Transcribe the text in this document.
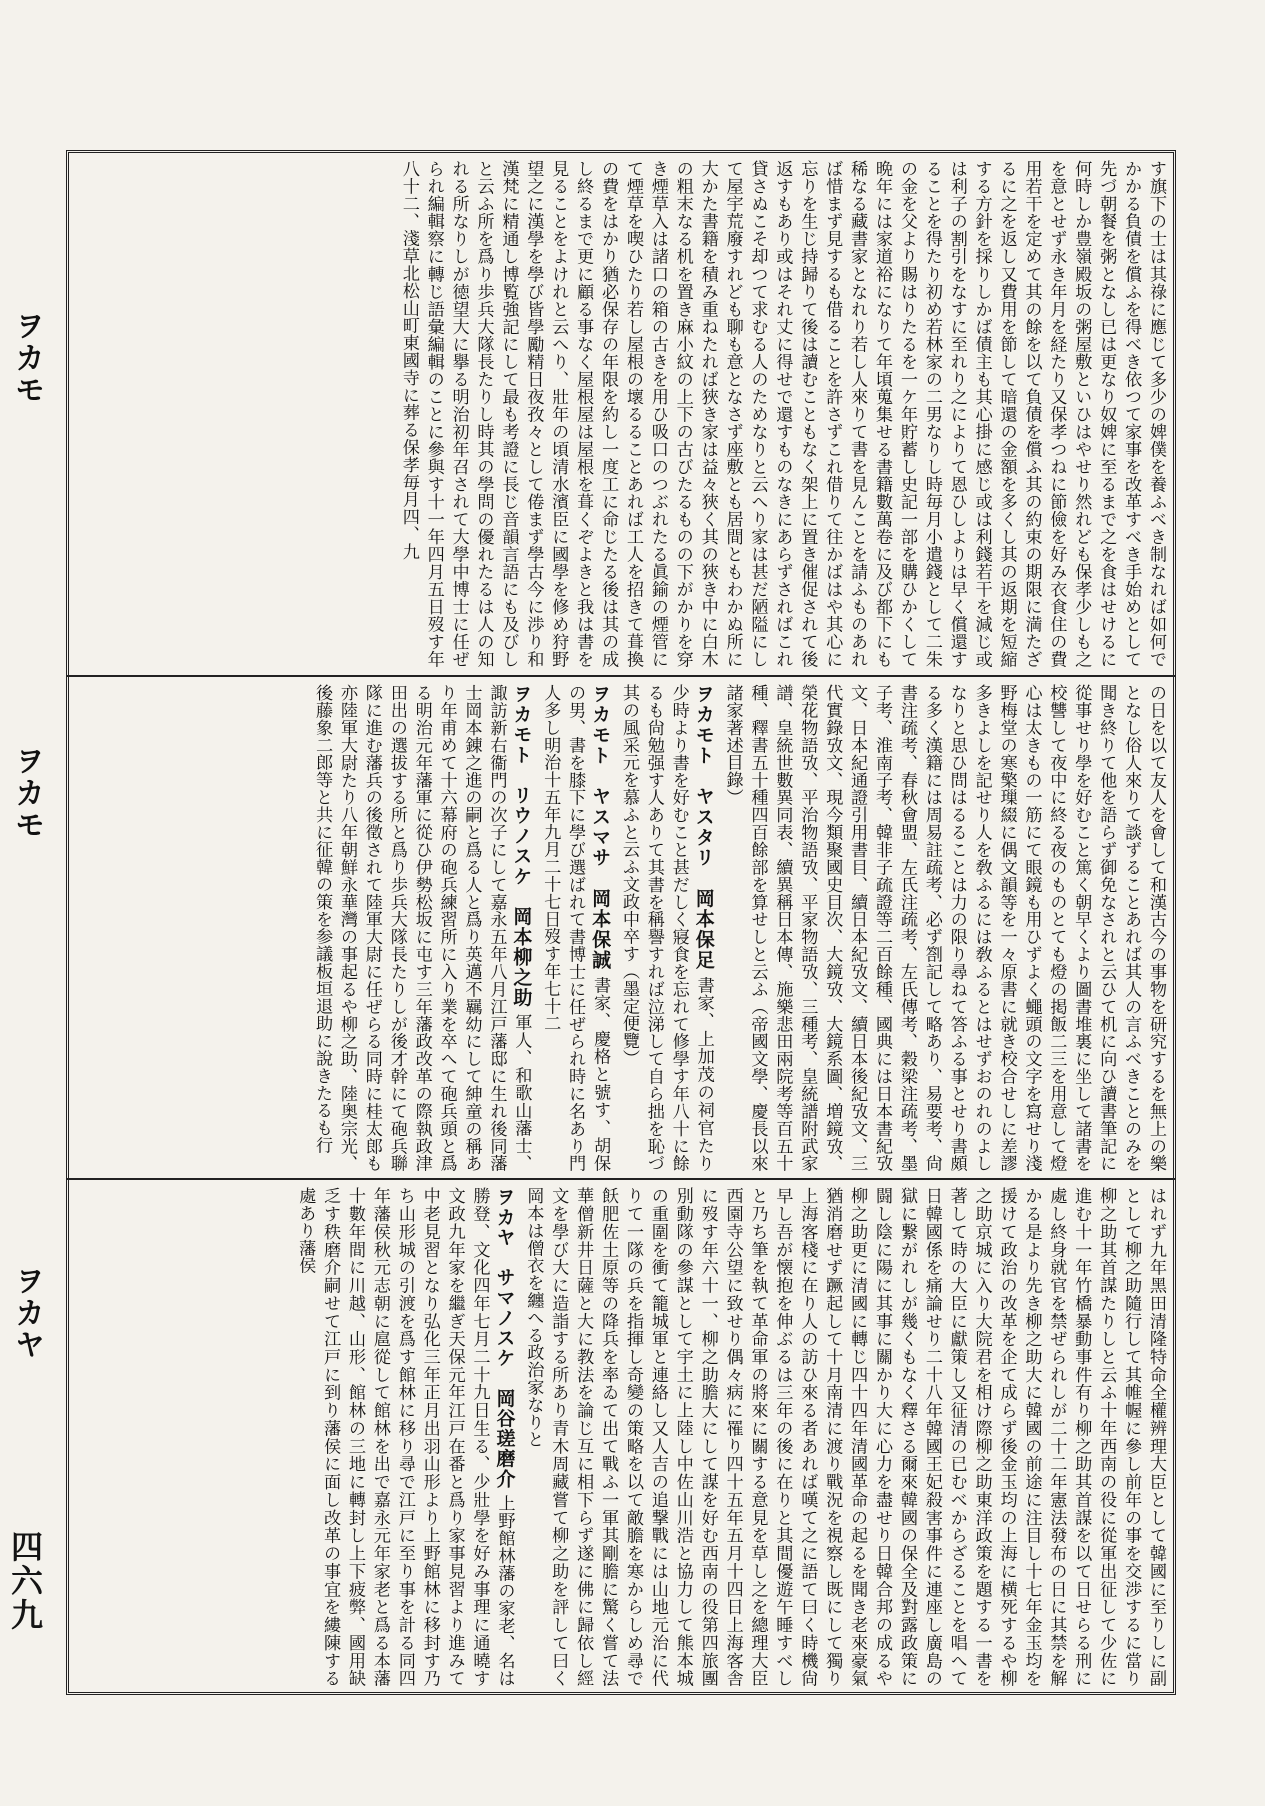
ヲカモ
ヲカモ
ヲカヤ
四六九

す旗下の士は其祿に應じて多少の婢僕を養ふべき制なれば如何でかかる負債を償ふを得べき依つて家事を改革すべき手始めとして先づ朝餐を粥となし已は更なり奴婢に至るまで之を食はせけるに何時しか豊嶺殿坂の粥屋敷といひはやせり然れども保孝少しも之を意とせず永き年月を経たり又保孝つねに節儉を好み衣食住の費用若干を定めて其の餘を以て負債を償ふ其の約束の期限に満たざるに之を返し又費用を節して暗還の金額を多くし其の返期を短縮する方針を採りしかば債主も其心掛に感じ或は利錢若干を減じ或は利子の割引をなすに至れり之によりて恩ひしよりは早く償還することを得たり初め若林家の二男なりし時毎月小遣錢として二朱の金を父より賜はりたるを一ケ年貯蓄し史記一部を購ひかくして晩年には家道裕になりて年頃蒐集せる書籍數萬卷に及び都下にも稀なる藏書家となれり若し人來りて書を見んことを請ふものあれば惜まず見するも借ることを許さずこれ借りて往かばはや其心に忘りを生じ持歸りて後は讀むこともなく架上に置き催促されて後返すもあり或はそれ丈に得せで還すものなきにあらずさればこれ貸さぬこそ却つて求むる人のためなりと云へり家は甚だ陋隘にして屋宇荒廢すれども聊も意となさず座敷とも居間ともわかぬ所に大かた書籍を積み重ねたれば狹き家は益々狹く其の狹き中に白木の粗末なる机を置き麻小紋の上下の古びたるものの下がかりを穿き煙草入は諸口の箱の古きを用ひ吸口のつぶれたる眞鍮の煙管にて煙草を喫ひたり若し屋根の壞るることあれば工人を招きて葺換の費をはかり猶必保存の年限を約し一度工に命じたる後は其の成し終るまで更に顧る事なく屋根屋は屋根を葺くぞよきと我は書を見ることをよけれと云へり、壯年の頃清水濱臣に國學を修め狩野望之に漢學を學び皆學勵精日夜孜々として倦まず學古今に渉り和漢梵に精通し博覧強記にして最も考證に長じ音韻言語にも及びしと云ふ所を爲り歩兵大隊長たりし時其の學問の優れたるは人の知れる所なりしが徳望大に擧る明治初年召されて大學中博士に任ぜられ編輯察に轉じ語彙編輯のことに參與す十一年四月五日歿す年八十二、淺草北松山町東國寺に葬る保孝毎月四、九

の日を以て友人を會して和漢古今の事物を研究するを無上の樂となし俗人來りて談ずることあれば其人の言ふべきことのみを聞き終りて他を語らず御免なされと云ひて机に向ひ讀書筆記に從事せり學を好むこと篤く朝早くより圖書堆裏に坐して諸書を校讐して夜中に終る夜のものとても燈の掲飯二三を用意して燈心は太きもの一筋にて眼鏡も用ひずよく蠅頭の文字を寫せり淺野梅堂の寒檠璅綴に偶文韻等を一々原書に就き校合せしに差謬多きよしを記せり人を敎ふるには敎ふるとはせずおのれのよしなりと思ひ問はるることは力の限り尋ねて答ふる事とせり書頗る多く漢籍には周易註疏考、必ず劄記して略あり、易要考、尙書注疏考、春秋會盟、左氏注疏考、左氏傳考、穀梁注疏考、墨子考、淮南子考、韓非子疏證等二百餘種、國典には日本書紀攷文、日本紀通證引用書目、續日本紀攷文、續日本後紀攷文、三代實錄攷文、現今類聚國史目次、大鏡攷、大鏡系圖、増鏡攷、榮花物語攷、平治物語攷、平家物語攷、三種考、皇統譜附武家譜、皇統世數異同表、續異稱日本傳、施樂悲田兩院考等百五十種、釋書五十種四百餘部を算せしと云ふ（帝國文學、慶長以來諸家著述目錄）

ヲカモト　ヤスタリ　岡本保足 書家、上加茂の祠官たり少時より書を好むこと甚だしく寢食を忘れて修學す年八十に餘るも尙勉强す人ありて其書を稱譽すれば泣涕して自ら拙を恥づ其の風采元を慕ふと云ふ文政中卒す（墨定便覽）

ヲカモト　ヤスマサ　岡本保誠 書家、慶格と號す、胡保の男、書を膝下に學び選ばれて書博士に任ぜられ時に名あり門人多し明治十五年九月二十七日歿す年七十二

ヲカモト　リウノスケ　岡本柳之助 軍人、和歌山藩士、諏訪新右衞門の次子にして嘉永五年八月江戸藩邸に生れ後同藩士岡本錬之進の嗣と爲る人と爲り英邁不羈幼にして紳童の稱あり年甫めて十六幕府の砲兵練習所に入り業を卒へて砲兵頭と爲る明治元年藩軍に從ひ伊勢松坂に屯す三年藩政改革の際執政津田出の選拔する所と爲り歩兵大隊長たりしが後才幹にて砲兵聯隊に進む藩兵の後徵されて陸軍大尉に任ぜらる同時に桂太郎も亦陸軍大尉たり八年朝鮮永華灣の事起るや柳之助、陸奥宗光、後藤象二郎等と共に征韓の策を参議板垣退助に說きたるも行

はれず九年黑田清隆特命全權辨理大臣として韓國に至りしに副として柳之助隨行して其帷幄に參し前年の事を交渉するに當り柳之助其首謀たりしと云ふ十年西南の役に從軍出征して少佐に進む十一年竹橋暴動事件有り柳之助其首謀を以て日せらる刑に處し終身就官を禁ぜられしが二十二年憲法發布の日に其禁を解かる是より先き柳之助大に韓國の前途に注目し十七年金玉均を援けて政治の改革を企て成らず後金玉均の上海に横死するや柳之助京城に入り大院君を相け際柳之助東洋政策を題する一書を著して時の大臣に獻策し又征清の已むべからざることを唱へて日韓國係を痛論せり二十八年韓國王妃殺害事件に連座し廣島の獄に繋がれしが幾くもなく釋さる爾來韓國の保全及對露政策に闘し陰に陽に其事に關かり大に心力を盡せり日韓合邦の成るや柳之助更に清國に轉じ四十四年清國革命の起るを聞き老來豪氣猶消磨せず蹶起して十月南清に渡り戰況を視察し既にして獨り上海客棧に在り人の訪ひ來る者あれば嘆て之に語て曰く時機尙早し吾が懐抱を伸ぶるは三年の後に在りと其間優遊午睡すべしと乃ち筆を執て革命軍の將來に關する意見を草し之を總理大臣西園寺公望に致せり偶々病に罹り四十五年五月十四日上海客舎に歿す年六十一、柳之助膽大にして謀を好む西南の役第四旅團別動隊の參謀として宇土に上陸し中佐山川浩と協力して熊本城の重圍を衝て籠城軍と連絡し又人吉の追撃戰には山地元治に代りて一隊の兵を指揮し奇變の策略を以て敵膽を寒からしめ尋で飫肥佐土原等の降兵を率ゐて出て戰ふ一軍其剛膽に驚く嘗て法華僧新井日薩と大に教法を論じ互に相下らず遂に佛に歸依し經文を學び大に造詣する所あり青木周藏嘗て柳之助を評して曰く岡本は僧衣を纏へる政治家なりと

ヲカヤ　サマノスケ　岡谷瑳磨介 上野館林藩の家老、名は勝登、文化四年七月二十九日生る、少壯學を好み事理に通曉す文政九年家を繼ぎ天保元年江戸在番と爲り家事見習より進みて中老見習となり弘化三年正月出羽山形より上野館林に移封す乃ち山形城の引渡を爲す館林に移り尋で江戸に至り事を計る同四年藩侯秋元志朝に扈從して館林を出で嘉永元年家老と爲る本藩十數年間に川越、山形、館林の三地に轉封し上下疲弊、國用缺乏す秩磨介嗣せて江戸に到り藩侯に面し改革の事宜を縷陳する處あり藩侯
